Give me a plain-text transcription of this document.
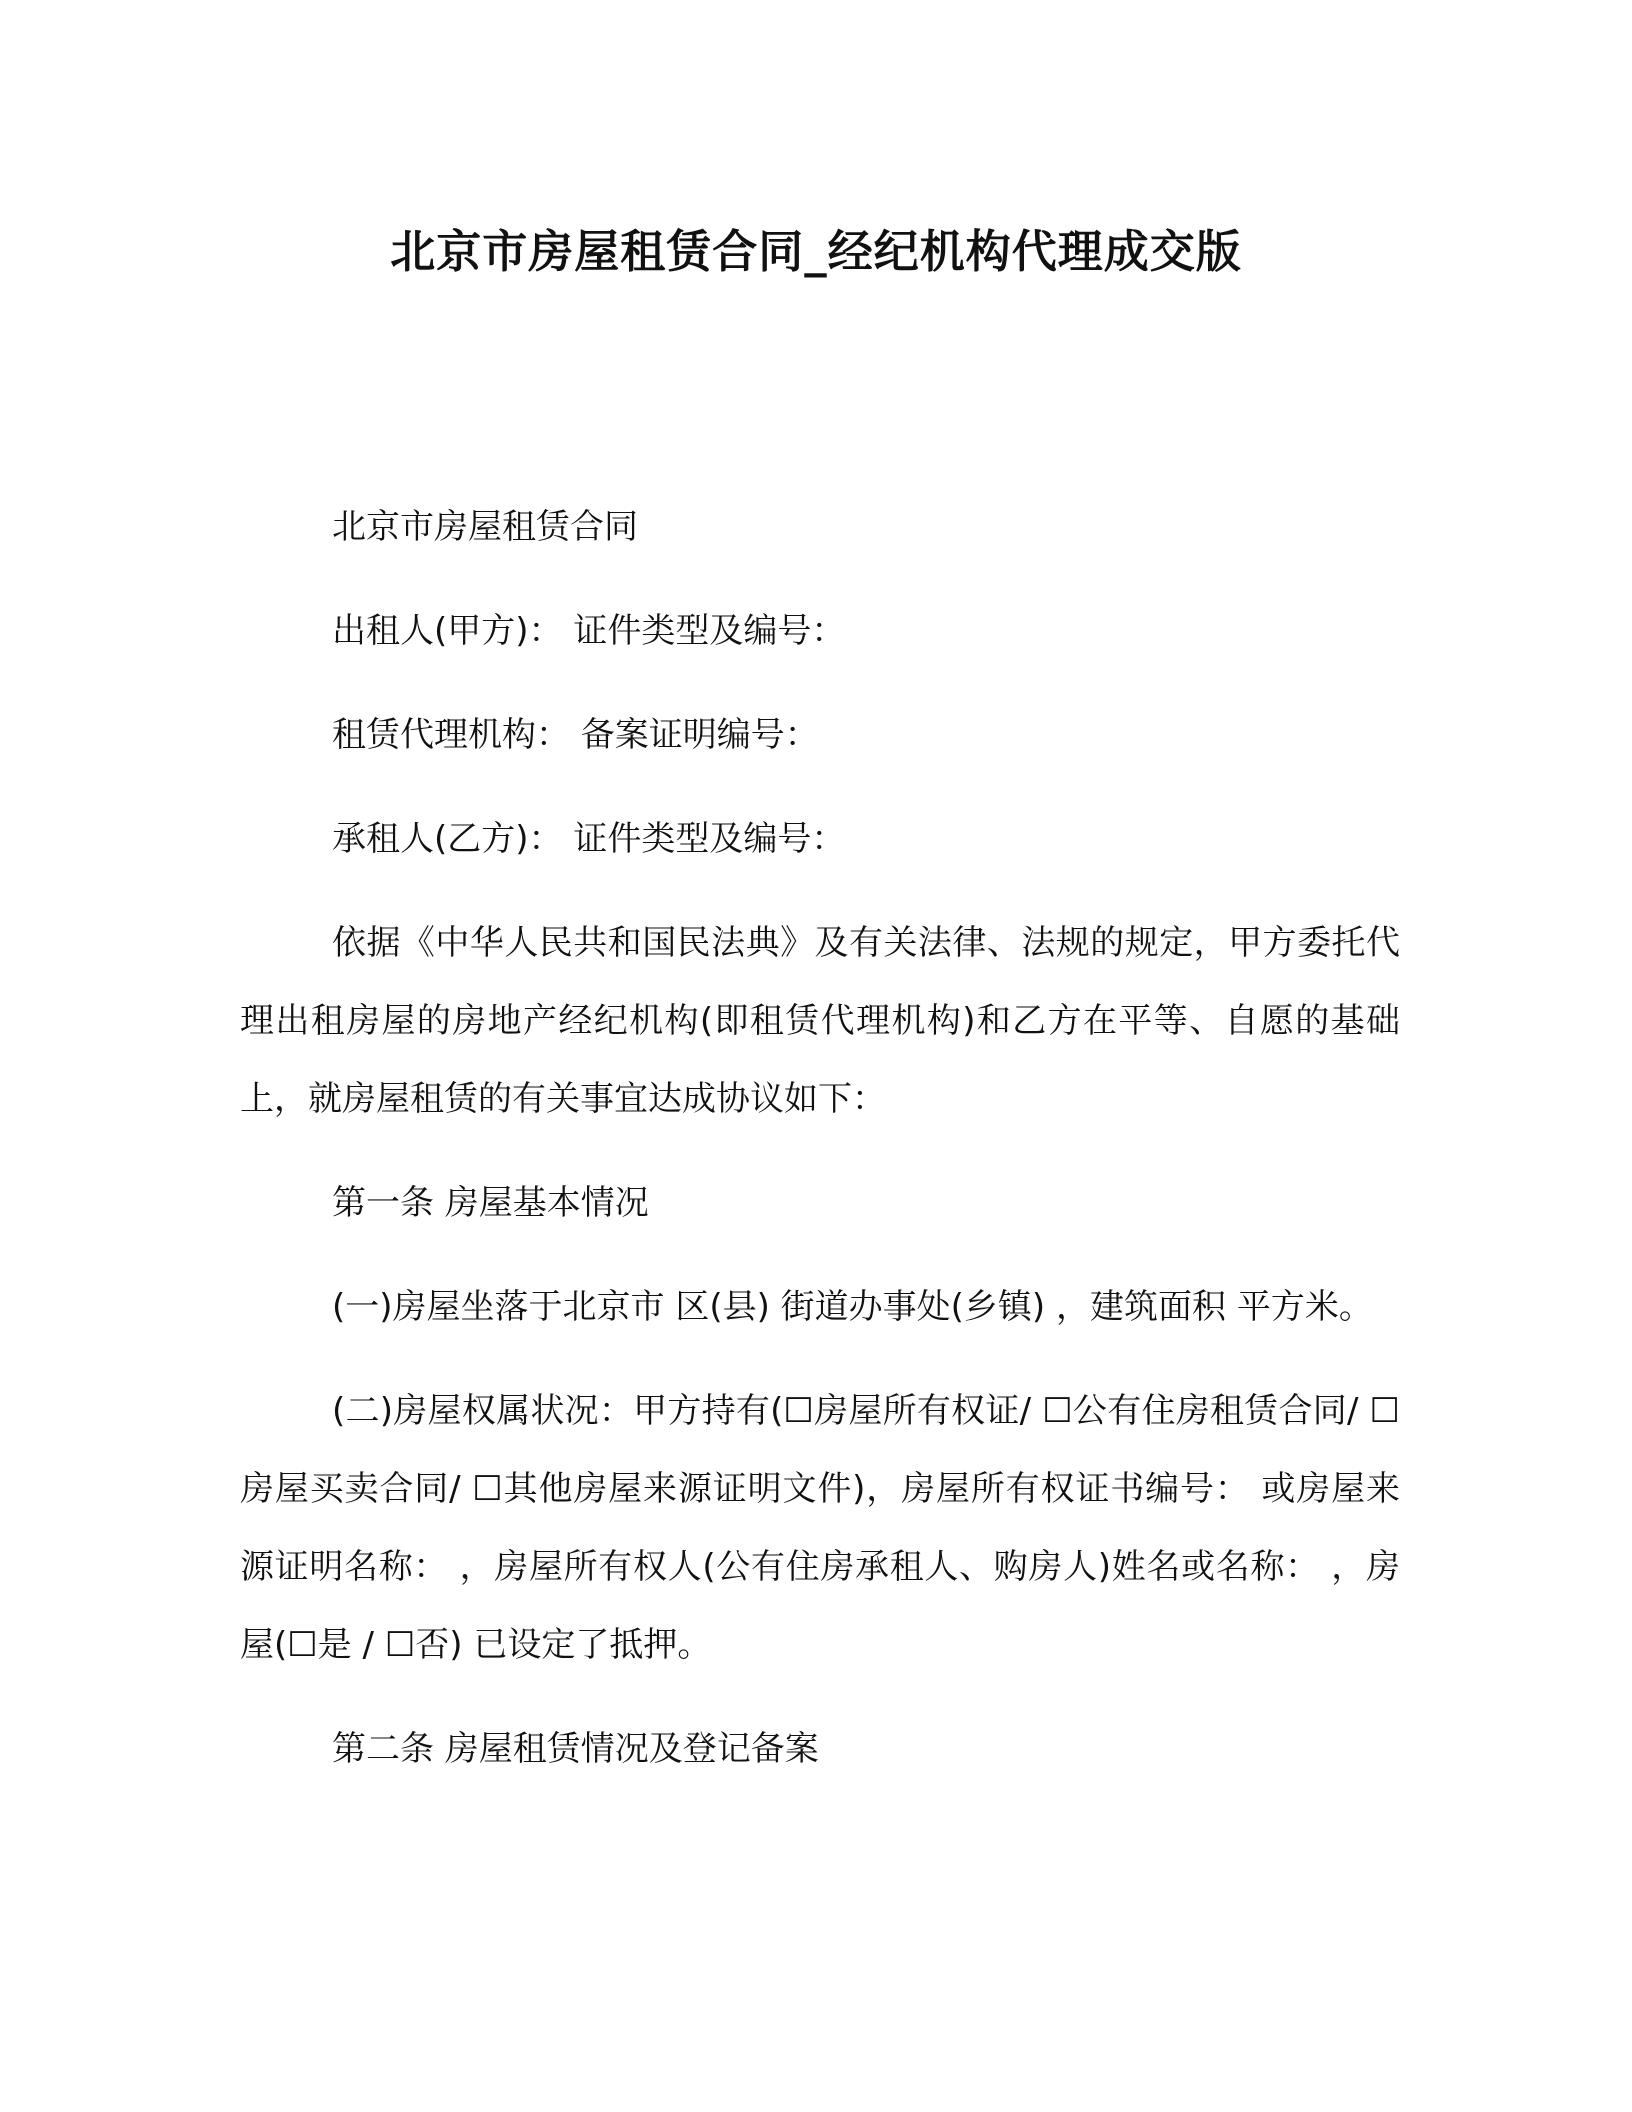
北京市房屋租赁合同_经纪机构代理成交版

北京市房屋租赁合同

出租人(甲方)： 证件类型及编号：

租赁代理机构： 备案证明编号：

承租人(乙方)： 证件类型及编号：

依据《中华人民共和国民法典》及有关法律、法规的规定，甲方委托代理出租房屋的房地产经纪机构(即租赁代理机构)和乙方在平等、自愿的基础上，就房屋租赁的有关事宜达成协议如下：

第一条 房屋基本情况

(一)房屋坐落于北京市 区(县) 街道办事处(乡镇) ，建筑面积 平方米。

(二)房屋权属状况：甲方持有(☐房屋所有权证/ ☐公有住房租赁合同/ ☐房屋买卖合同/ ☐其他房屋来源证明文件)，房屋所有权证书编号： 或房屋来源证明名称： ，房屋所有权人(公有住房承租人、购房人)姓名或名称： ，房屋(☐是 / ☐否) 已设定了抵押。

第二条 房屋租赁情况及登记备案
